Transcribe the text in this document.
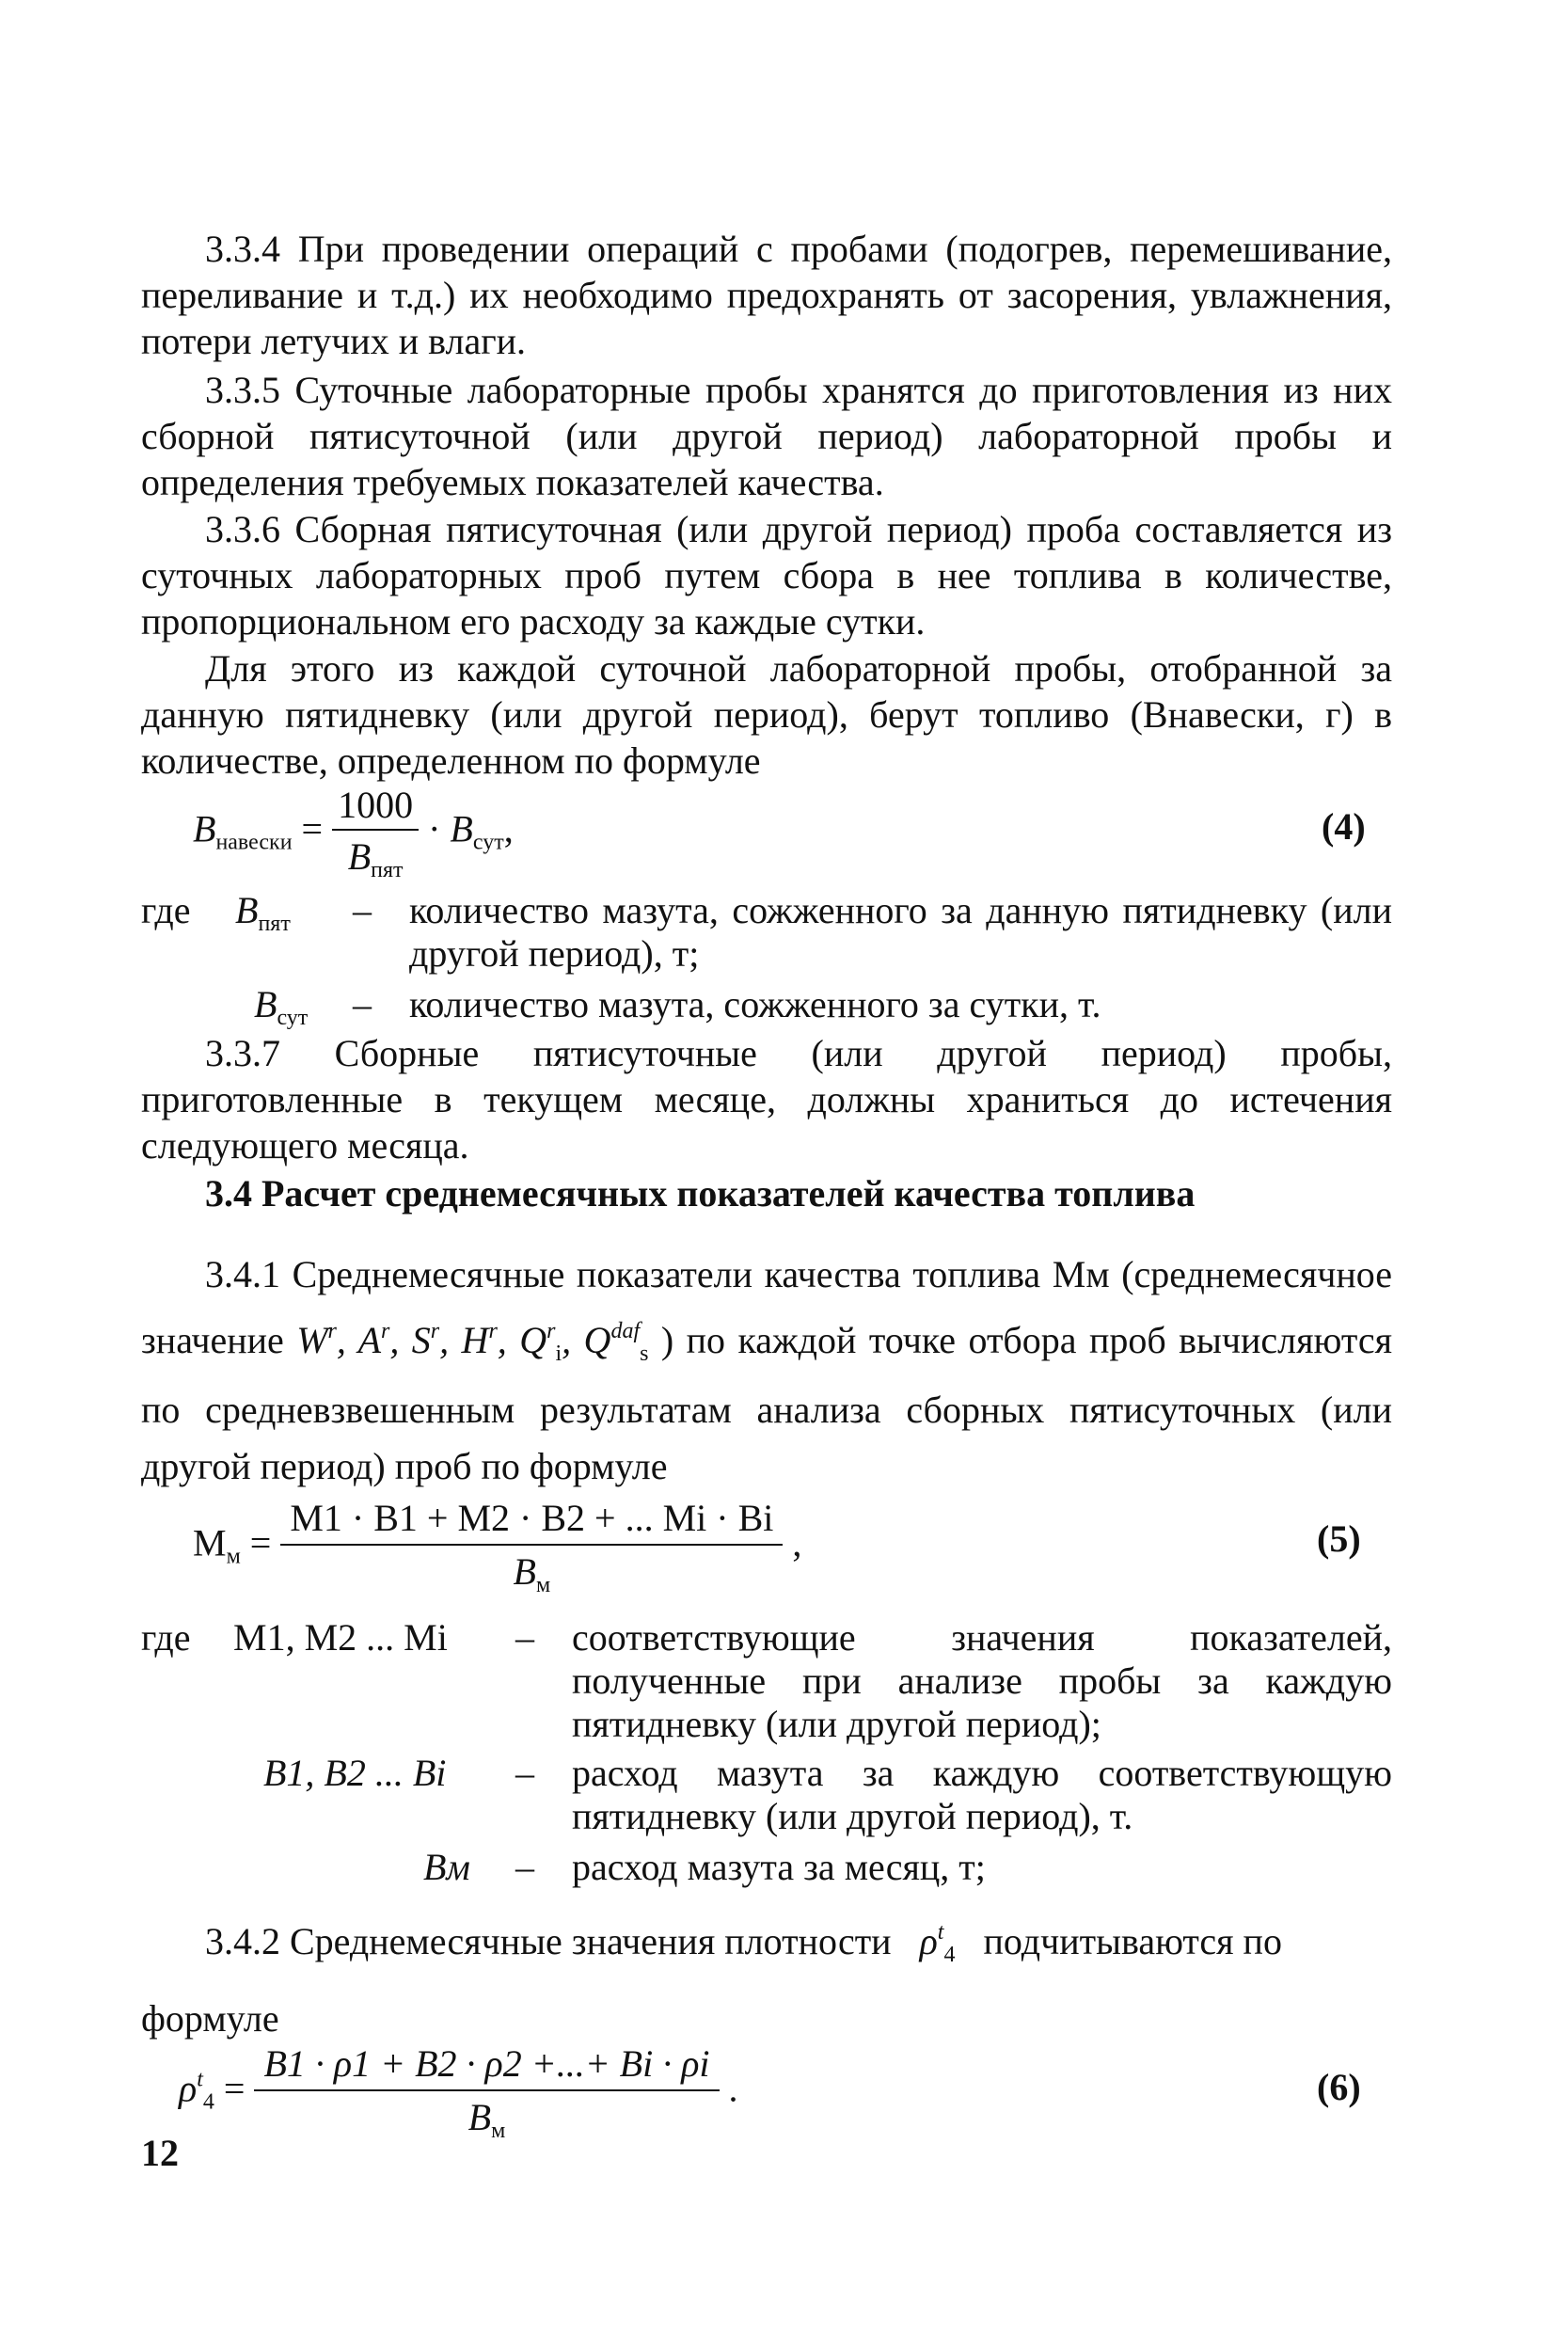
3.3.4 При проведении операций с пробами (подогрев, перемешивание, переливание и т.д.) их необходимо предохранять от засорения, увлажнения, потери летучих и влаги.

3.3.5 Суточные лабораторные пробы хранятся до приготовления из них сборной пятисуточной (или другой период) лабораторной пробы и определения требуемых показателей качества.

3.3.6 Сборная пятисуточная (или другой период) проба составляется из суточных лабораторных проб путем сбора в нее топлива в количестве, пропорциональном его расходу за каждые сутки.

Для этого из каждой суточной лабораторной пробы, отобранной за данную пятидневку (или другой период), берут топливо (Bнавески, г) в количестве, определенном по формуле

$B_{навески} = \frac{1000}{B_{пят}} \cdot B_{сут}$,	(4)
где $B_{пят}$ – количество мазута, сожженного за данную пятидневку (или другой период), т;
$B_{сут}$ – количество мазута, сожженного за сутки, т.

3.3.7 Сборные пятисуточные (или другой период) пробы, приготовленные в текущем месяце, должны храниться до истечения следующего месяца.

3.4 Расчет среднемесячных показателей качества топлива

3.4.1 Среднемесячные показатели качества топлива Mм (среднемесячное значение $W^r$, $A^r$, $S^r$, $H^r$, $Q^r_i$, $Q^{daf}_s$ ) по каждой точке отбора проб вычисляются по средневзвешенным результатам анализа сборных пятисуточных (или другой период) проб по формуле

$M_м = \frac{M1 \cdot B1 + M2 \cdot B2 + ... Mi \cdot Bi}{B_м}$ ,	(5)
где M1, M2 ... Mi – соответствующие значения показателей, полученные при анализе пробы за каждую пятидневку (или другой период);
B1, B2 ... Bi – расход мазута за каждую соответствующую пятидневку (или другой период), т.
Bм – расход мазута за месяц, т;

3.4.2 Среднемесячные значения плотности $\rho^t_4$ подчитываются по формуле

$\rho^t_4 = \frac{B1 \cdot \rho 1 + B2 \cdot \rho 2 +...+ Bi \cdot \rho i}{B_м}$ .	(6)
12
